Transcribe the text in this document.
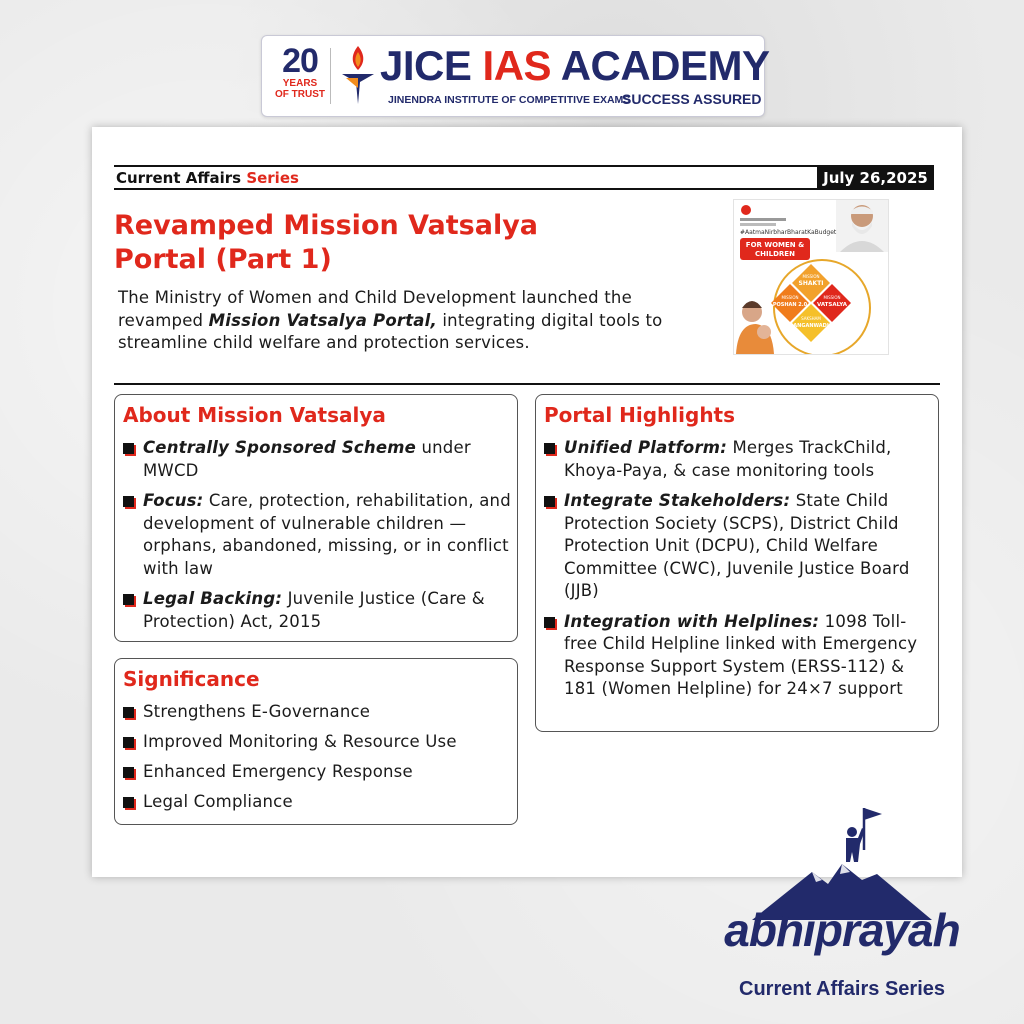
20
YEARS
OF TRUST
JICE IAS ACADEMY
JINENDRA INSTITUTE OF COMPETITIVE EXAMS
SUCCESS ASSURED
Current Affairs Series	July 26,2025
Revamped Mission Vatsalya Portal (Part 1)
The Ministry of Women and Child Development launched the revamped Mission Vatsalya Portal, integrating digital tools to streamline child welfare and protection services.
#AatmaNirbharBharatKaBudget
FOR WOMEN &
CHILDREN
MISSION
SHAKTI
MISSION
POSHAN 2.0
MISSION
VATSALYA
SAKSHAM
ANGANWADI
About Mission Vatsalya
Centrally Sponsored Scheme under MWCD
Focus: Care, protection, rehabilitation, and development of vulnerable children — orphans, abandoned, missing, or in conflict with law
Legal Backing: Juvenile Justice (Care & Protection) Act, 2015
Significance
Strengthens E-Governance
Improved Monitoring & Resource Use
Enhanced Emergency Response
Legal Compliance
Portal Highlights
Unified Platform: Merges TrackChild, Khoya-Paya, & case monitoring tools
Integrate Stakeholders: State Child Protection Society (SCPS), District Child Protection Unit (DCPU), Child Welfare Committee (CWC), Juvenile Justice Board (JJB)
Integration with Helplines: 1098 Toll-free Child Helpline linked with Emergency Response Support System (ERSS-112) & 181 (Women Helpline) for 24×7 support
abhiprayah
Current Affairs Series
